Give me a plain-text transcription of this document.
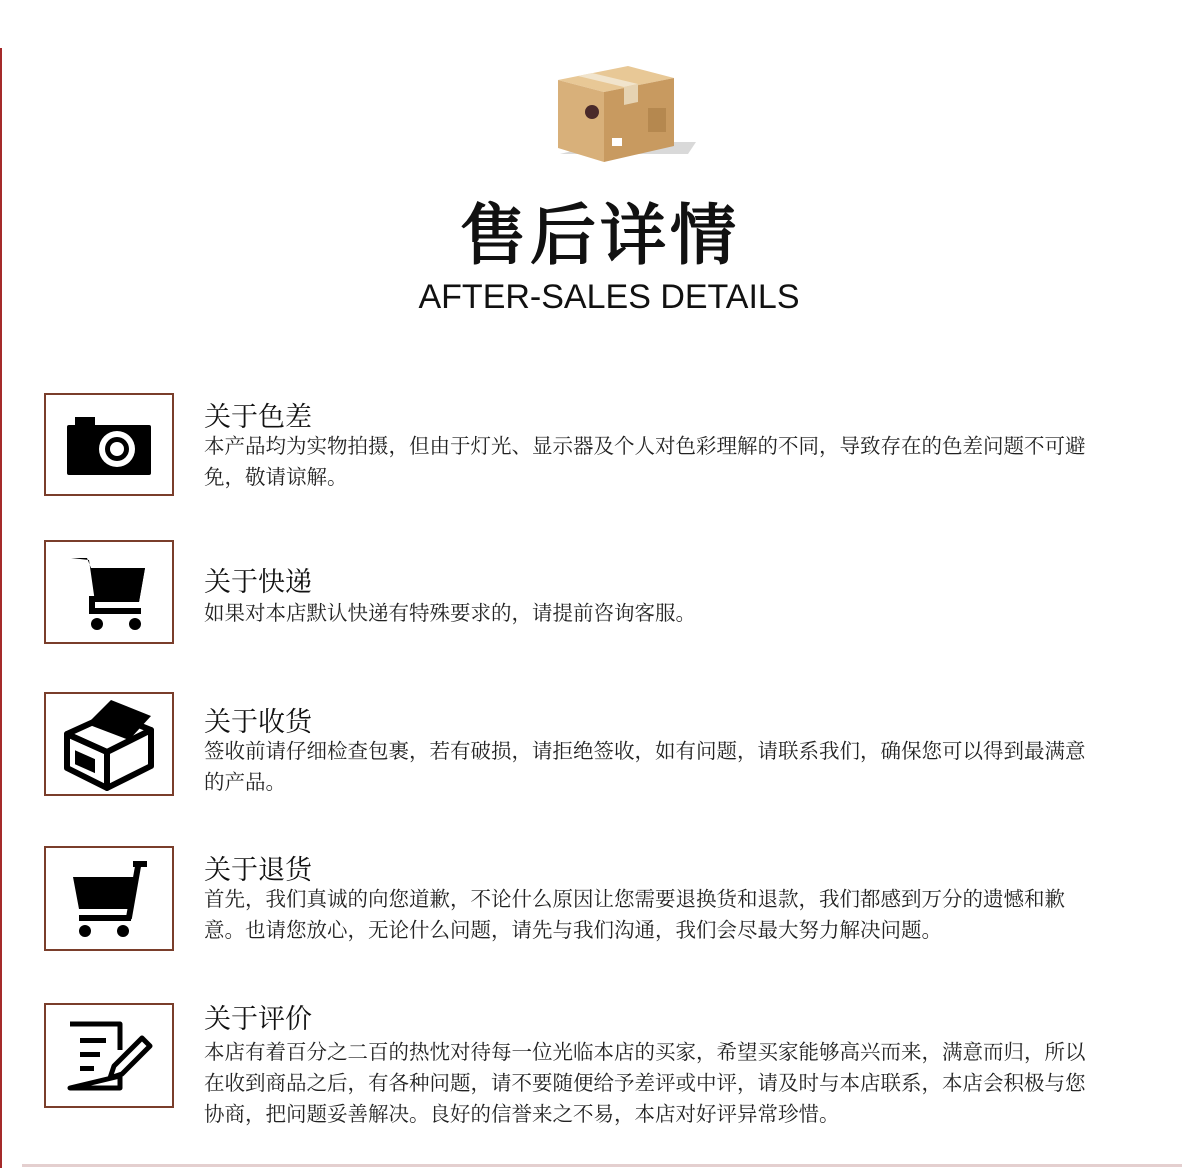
售后详情
AFTER-SALES DETAILS
关于色差
本产品均为实物拍摄，但由于灯光、显示器及个人对色彩理解的不同，导致存在的色差问题不可避免，敬请谅解。
关于快递
如果对本店默认快递有特殊要求的，请提前咨询客服。
关于收货
签收前请仔细检查包裹，若有破损，请拒绝签收，如有问题，请联系我们，确保您可以得到最满意的产品。
关于退货
首先，我们真诚的向您道歉，不论什么原因让您需要退换货和退款，我们都感到万分的遗憾和歉意。也请您放心，无论什么问题，请先与我们沟通，我们会尽最大努力解决问题。
关于评价
本店有着百分之二百的热忱对待每一位光临本店的买家，希望买家能够高兴而来，满意而归，所以在收到商品之后，有各种问题，请不要随便给予差评或中评，请及时与本店联系，本店会积极与您协商，把问题妥善解决。良好的信誉来之不易，本店对好评异常珍惜。
